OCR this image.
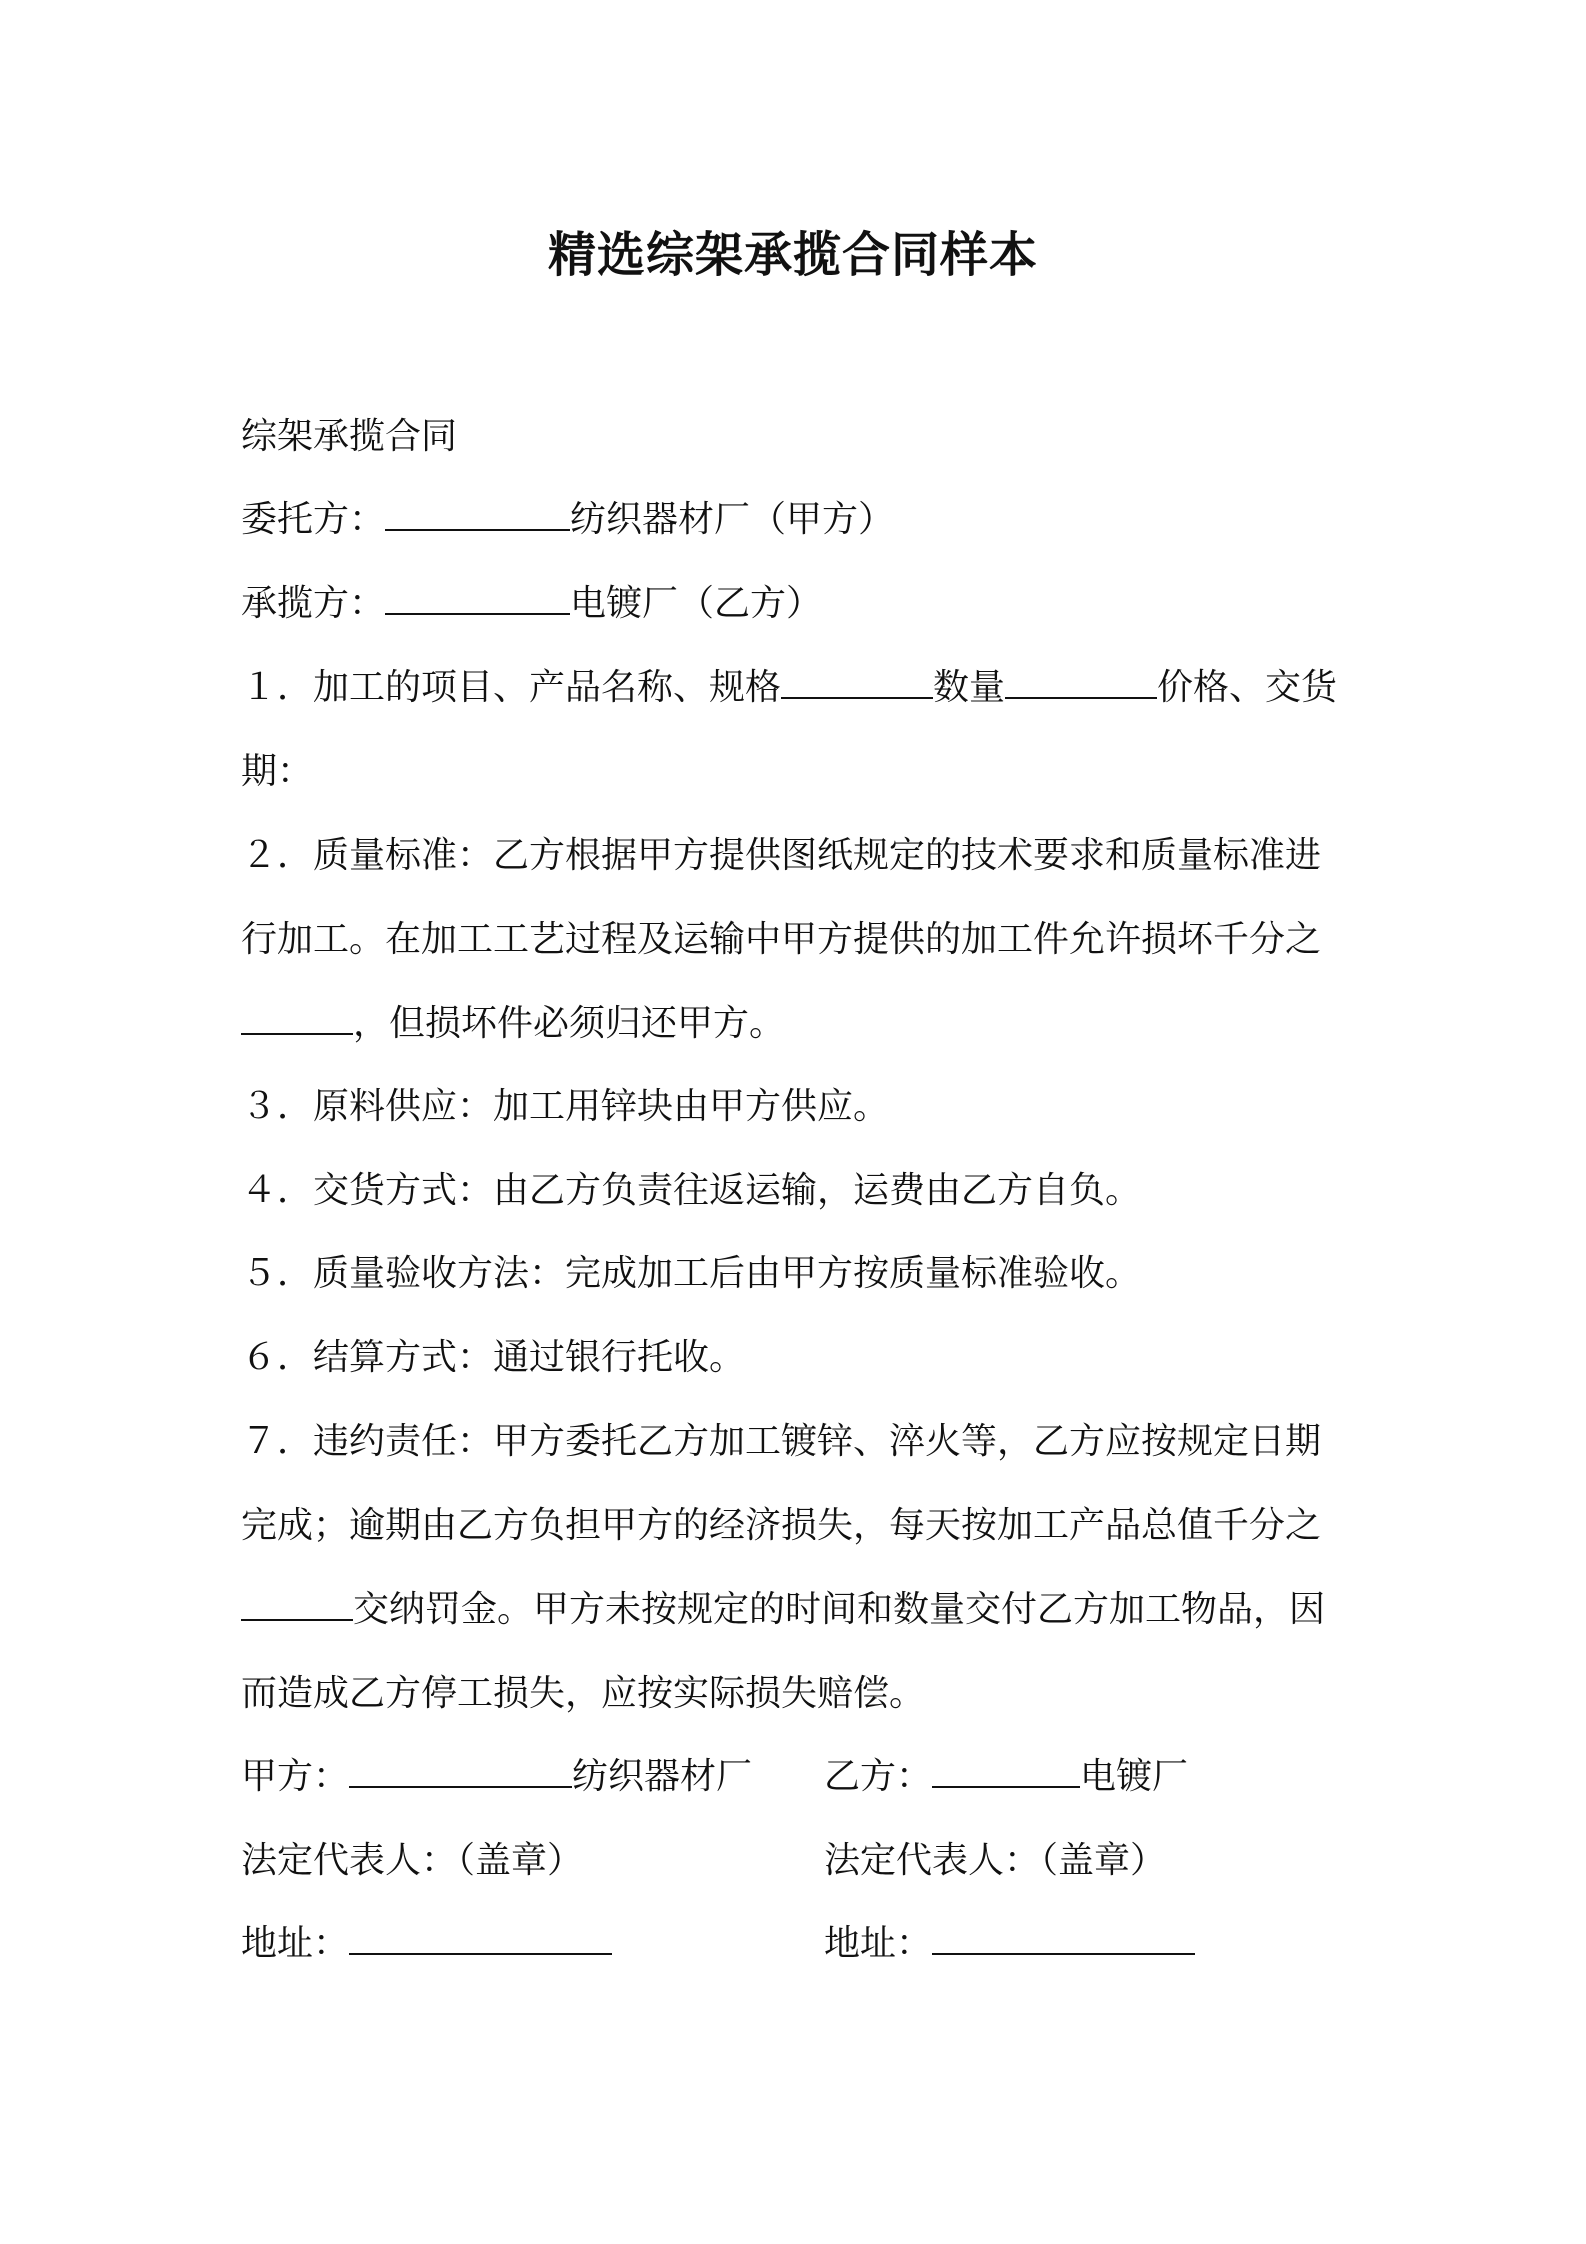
精选综架承揽合同样本
综架承揽合同
委托方：	纺织器材厂（甲方）
承揽方：	电镀厂（乙方）
１．加工的项目、产品名称、规格	数量	价格、交货
期：
２．质量标准：乙方根据甲方提供图纸规定的技术要求和质量标准进
行加工。在加工工艺过程及运输中甲方提供的加工件允许损坏千分之
，但损坏件必须归还甲方。
３．原料供应：加工用锌块由甲方供应。
４．交货方式：由乙方负责往返运输，运费由乙方自负。
５．质量验收方法：完成加工后由甲方按质量标准验收。
６．结算方式：通过银行托收。
７．违约责任：甲方委托乙方加工镀锌、淬火等，乙方应按规定日期
完成；逾期由乙方负担甲方的经济损失，每天按加工产品总值千分之
交纳罚金。甲方未按规定的时间和数量交付乙方加工物品，因
而造成乙方停工损失，应按实际损失赔偿。
甲方：	纺织器材厂 乙方：	电镀厂
法定代表人：（盖章）	法定代表人：（盖章）
地址：	地址：
